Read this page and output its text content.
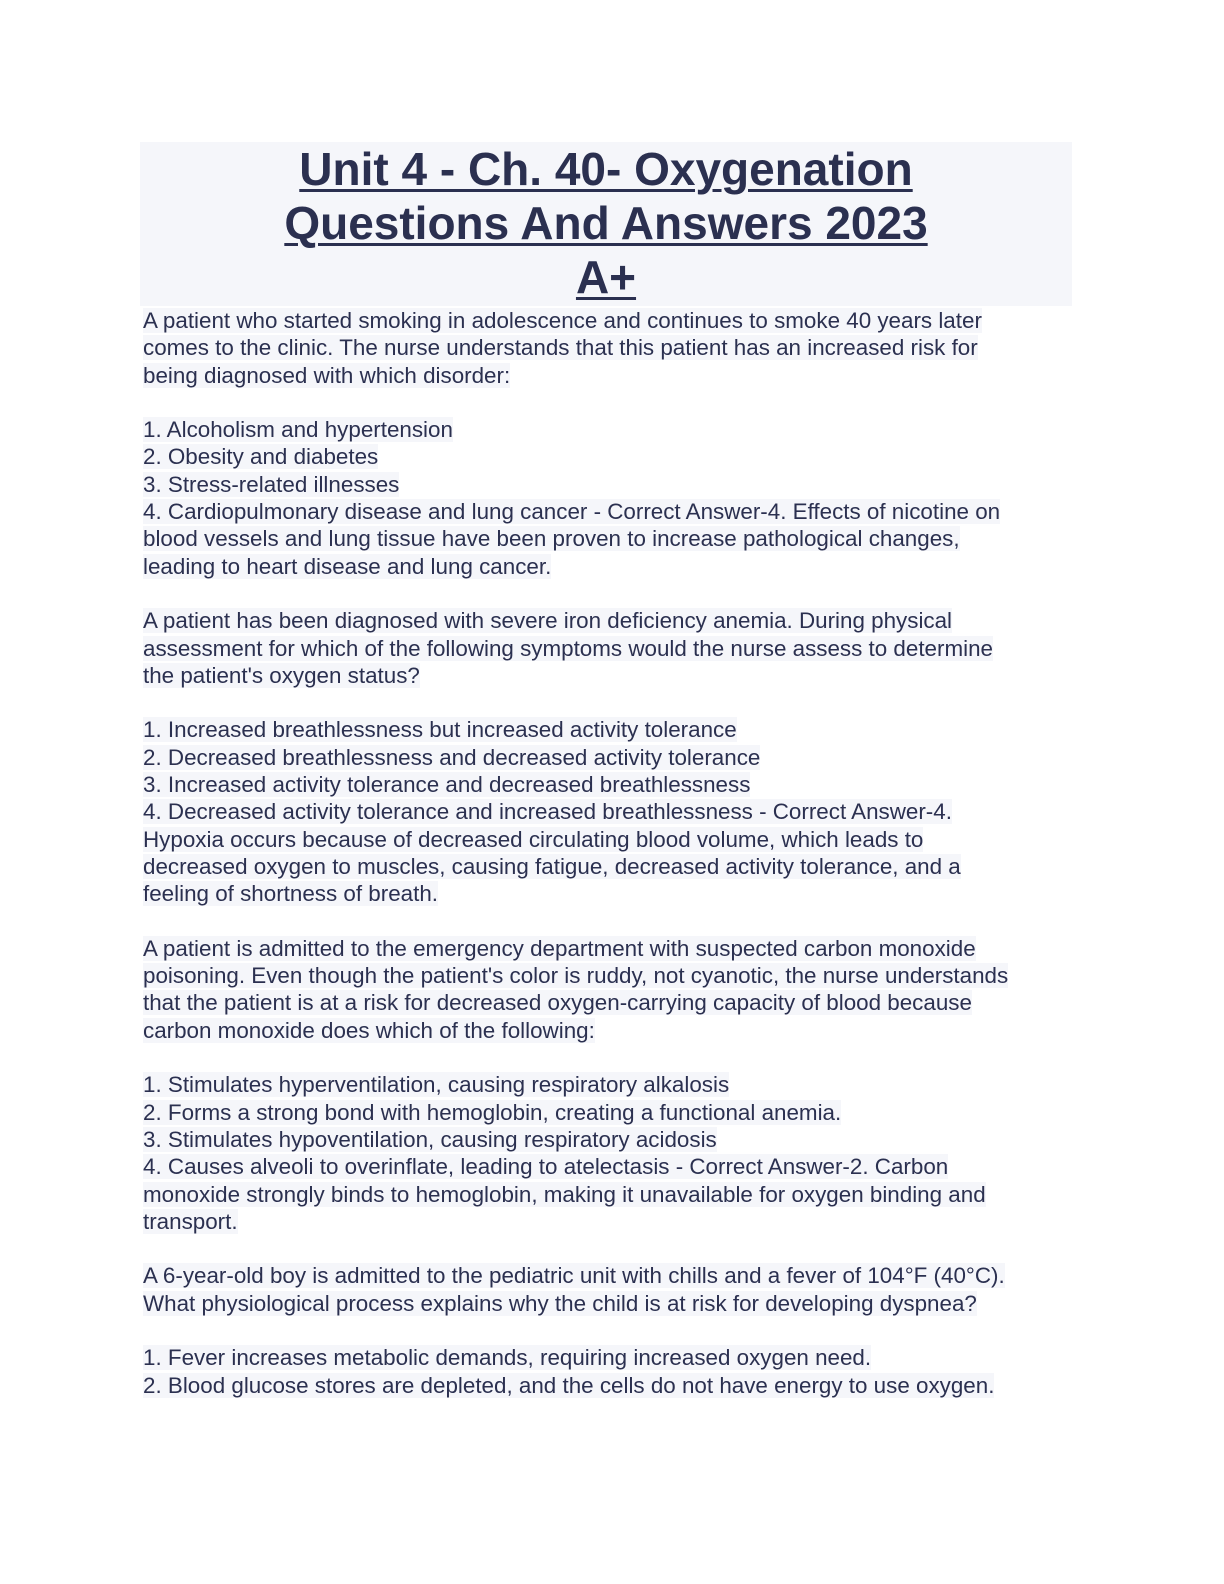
Unit 4 - Ch. 40- Oxygenation
Questions And Answers 2023
A+
A patient who started smoking in adolescence and continues to smoke 40 years later
comes to the clinic. The nurse understands that this patient has an increased risk for
being diagnosed with which disorder:
1. Alcoholism and hypertension
2. Obesity and diabetes
3. Stress-related illnesses
4. Cardiopulmonary disease and lung cancer - Correct Answer-4. Effects of nicotine on
blood vessels and lung tissue have been proven to increase pathological changes,
leading to heart disease and lung cancer.
A patient has been diagnosed with severe iron deficiency anemia. During physical
assessment for which of the following symptoms would the nurse assess to determine
the patient's oxygen status?
1. Increased breathlessness but increased activity tolerance
2. Decreased breathlessness and decreased activity tolerance
3. Increased activity tolerance and decreased breathlessness
4. Decreased activity tolerance and increased breathlessness - Correct Answer-4.
Hypoxia occurs because of decreased circulating blood volume, which leads to
decreased oxygen to muscles, causing fatigue, decreased activity tolerance, and a
feeling of shortness of breath.
A patient is admitted to the emergency department with suspected carbon monoxide
poisoning. Even though the patient's color is ruddy, not cyanotic, the nurse understands
that the patient is at a risk for decreased oxygen-carrying capacity of blood because
carbon monoxide does which of the following:
1. Stimulates hyperventilation, causing respiratory alkalosis
2. Forms a strong bond with hemoglobin, creating a functional anemia.
3. Stimulates hypoventilation, causing respiratory acidosis
4. Causes alveoli to overinflate, leading to atelectasis - Correct Answer-2. Carbon
monoxide strongly binds to hemoglobin, making it unavailable for oxygen binding and
transport.
A 6-year-old boy is admitted to the pediatric unit with chills and a fever of 104°F (40°C).
What physiological process explains why the child is at risk for developing dyspnea?
1. Fever increases metabolic demands, requiring increased oxygen need.
2. Blood glucose stores are depleted, and the cells do not have energy to use oxygen.
